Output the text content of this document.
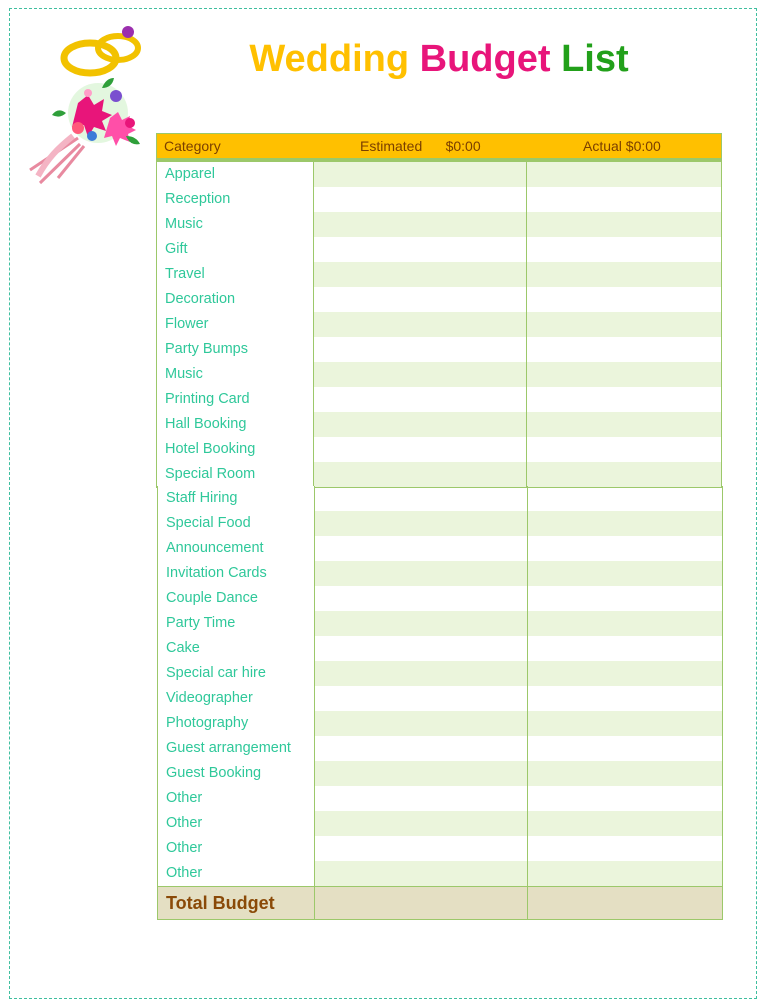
Wedding Budget List
Category	Estimated      $0:00	Actual $0:00
Apparel
Reception
Music
Gift
Travel
Decoration
Flower
Party Bumps
Music
Printing Card
Hall Booking
Hotel Booking
Special Room
Staff Hiring
Special Food
Announcement
Invitation Cards
Couple Dance
Party Time
Cake
Special car hire
Videographer
Photography
Guest arrangement
Guest Booking
Other
Other
Other
Other
Total Budget
